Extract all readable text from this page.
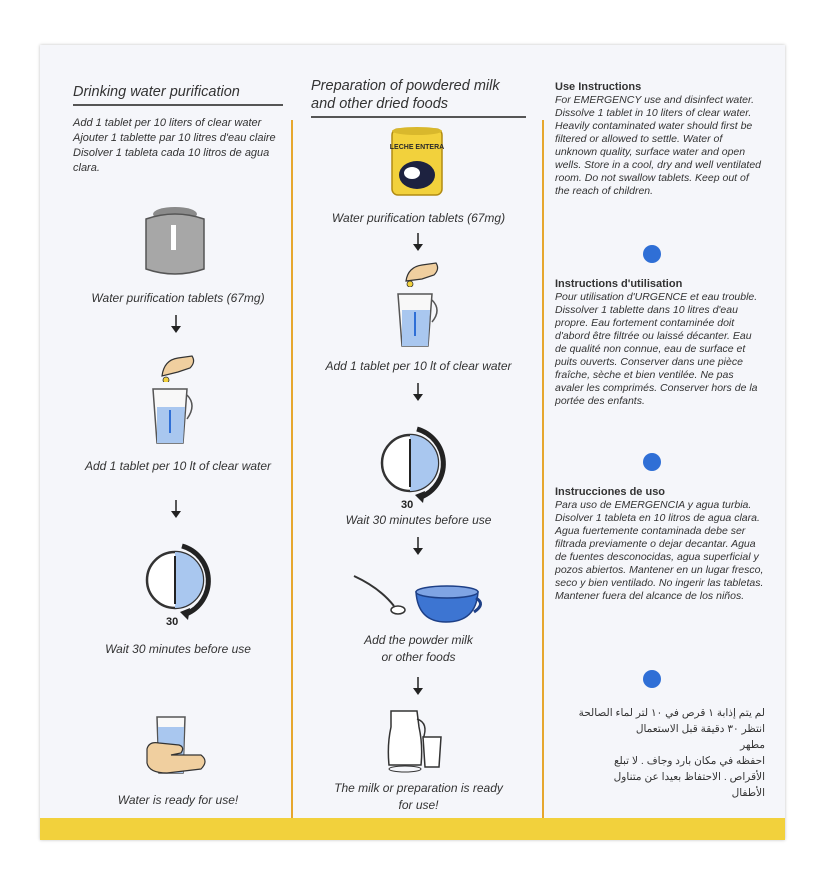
Drinking water purification
Add 1 tablet per 10 liters of clear water
Ajouter 1 tablette par 10 litres d'eau claire
Disolver 1 tableta cada 10 litros de agua clara.
Water purification tablets (67mg)
Add 1 tablet per 10 lt of clear water
30
Wait 30 minutes before use
Water is ready for use!
Preparation of powdered milk
and other dried foods
LECHE ENTERA
Water purification tablets (67mg)
Add 1 tablet per 10 lt of clear water
30
Wait 30 minutes before use
Add the powder milk
or other foods
The milk or preparation is ready
for use!
Use Instructions
For EMERGENCY use and disinfect water. Dissolve 1 tablet in 10 liters of clear water. Heavily contaminated water should first be filtered or allowed to settle. Water of unknown quality, surface water and open wells. Store in a cool, dry and well ventilated room. Do not swallow tablets. Keep out of the reach of children.
Instructions d'utilisation
Pour utilisation d'URGENCE et eau trouble. Dissolver 1 tablette dans 10 litres d'eau propre. Eau fortement contaminée doit d'abord être filtrée ou laissé décanter. Eau de qualité non connue, eau de surface et puits ouverts. Conserver dans une pièce fraîche, sèche et bien ventilée. Ne pas avaler les comprimés. Conserver hors de la portée des enfants.
Instrucciones de uso
Para uso de EMERGENCIA y agua turbia. Disolver 1 tableta en 10 litros de agua clara. Agua fuertemente contaminada debe ser filtrada previamente o dejar decantar. Agua de fuentes desconocidas, agua superficial y pozos abiertos. Mantener en un lugar fresco, seco y bien ventilado. No ingerir las tabletas. Mantener fuera del alcance de los niños.
لم يتم إذابة ١ قرص في ١٠ لتر لماء الصالحة
انتظر ٣٠ دقيقة قبل الاستعمال
مطهر
احفظه في مكان بارد وجاف . لا تبلع
الأقراص . الاحتفاظ بعيدا عن متناول
الأطفال
